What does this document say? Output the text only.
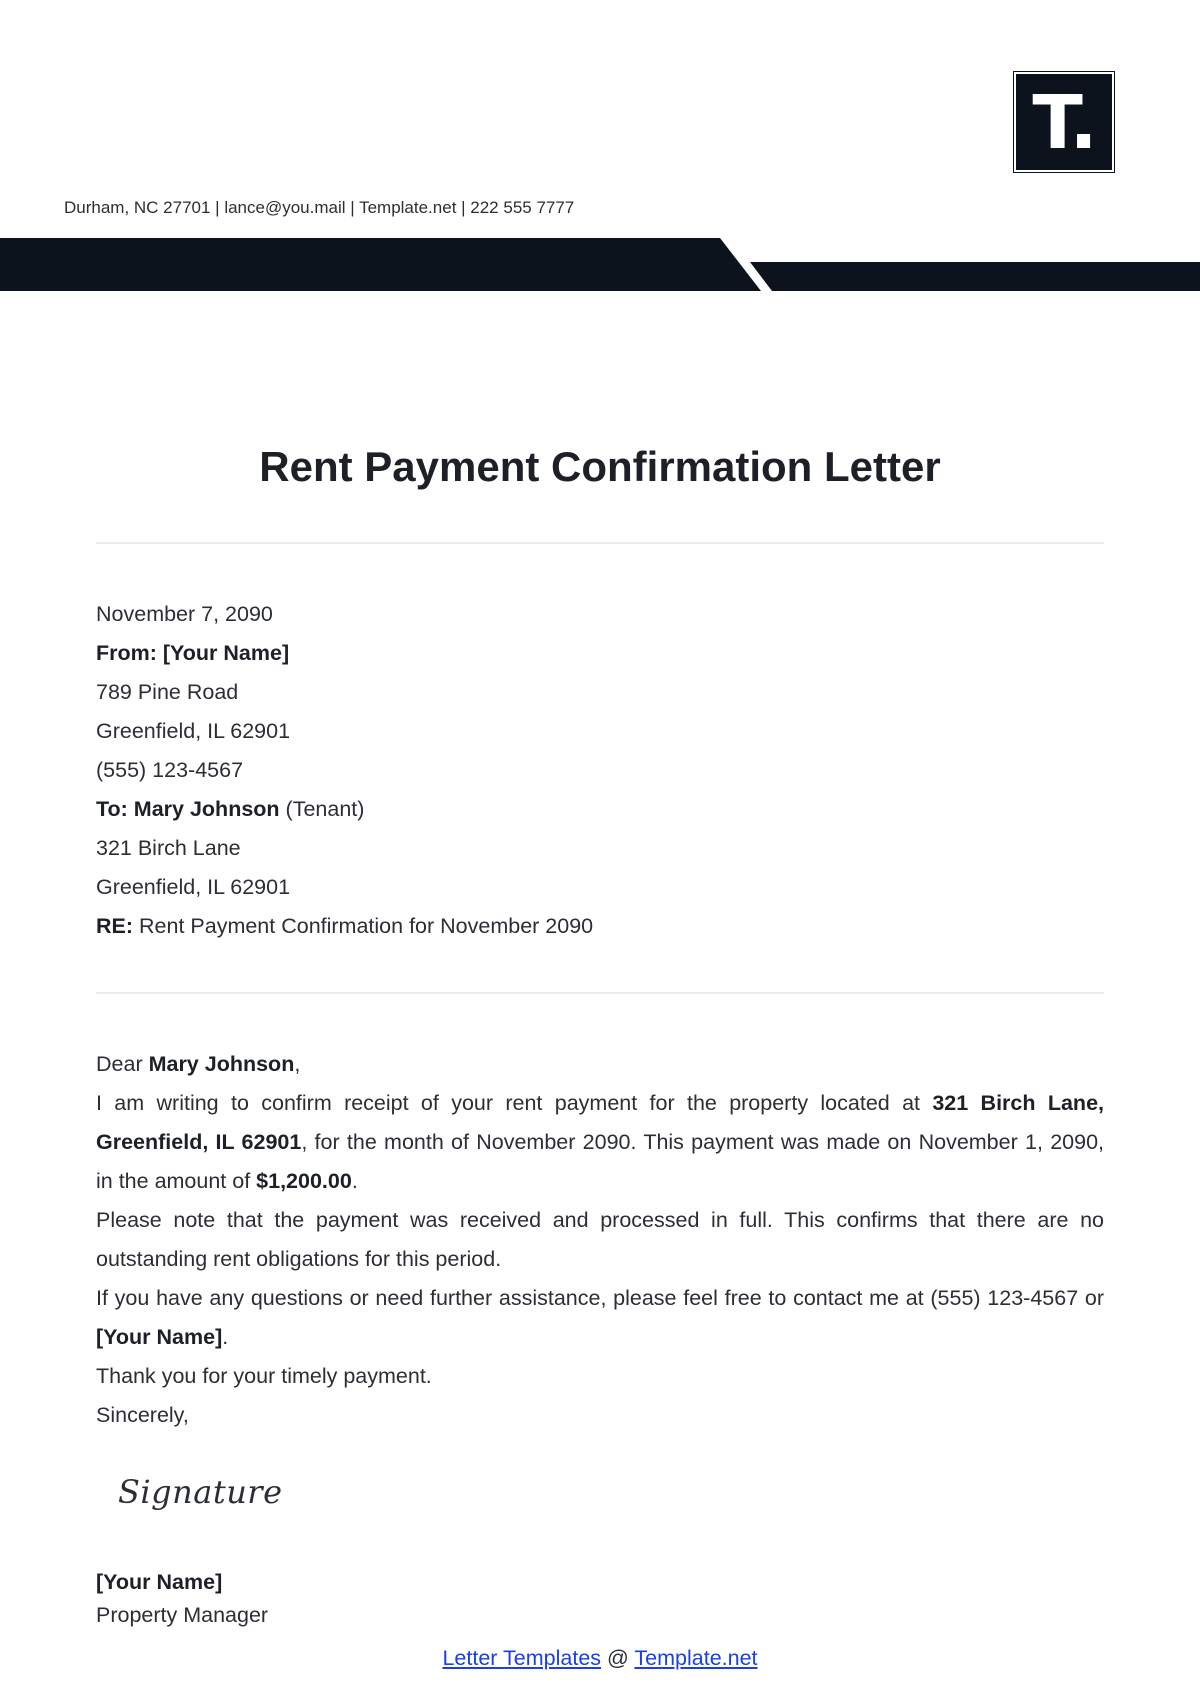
T.
Durham, NC 27701 | lance@you.mail | Template.net | 222 555 7777
Rent Payment Confirmation Letter
November 7, 2090
From: [Your Name]
789 Pine Road
Greenfield, IL 62901
(555) 123-4567
To: Mary Johnson (Tenant)
321 Birch Lane
Greenfield, IL 62901
RE: Rent Payment Confirmation for November 2090
Dear Mary Johnson,
I am writing to confirm receipt of your rent payment for the property located at 321 Birch Lane, Greenfield, IL 62901, for the month of November 2090. This payment was made on November 1, 2090, in the amount of $1,200.00.
Please note that the payment was received and processed in full. This confirms that there are no outstanding rent obligations for this period.
If you have any questions or need further assistance, please feel free to contact me at (555) 123-4567 or [Your Name].
Thank you for your timely payment.
Sincerely,
Signature
[Your Name]
Property Manager
Letter Templates @ Template.net
